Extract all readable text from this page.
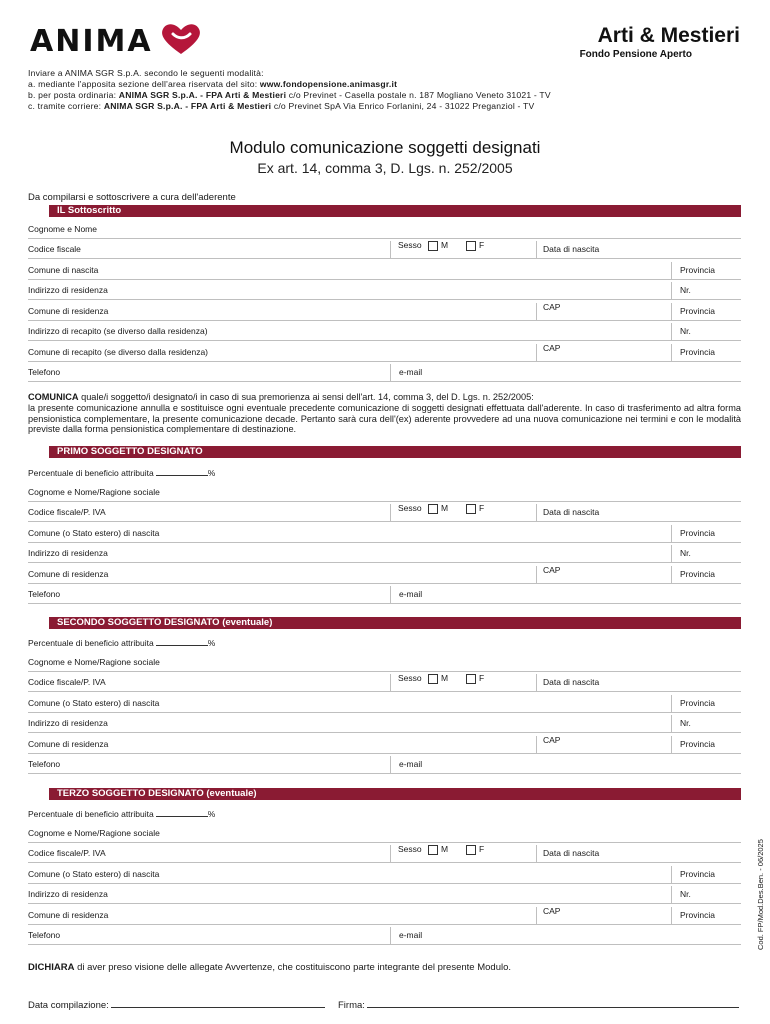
ANIMA	Arti & Mestieri
Fondo Pensione Aperto
Inviare a ANIMA SGR S.p.A. secondo le seguenti modalità:
a. mediante l'apposita sezione dell'area riservata del sito: www.fondopensione.animasgr.it
b. per posta ordinaria: ANIMA SGR S.p.A. - FPA Arti & Mestieri c/o Previnet - Casella postale n. 187 Mogliano Veneto 31021 - TV
c. tramite corriere: ANIMA SGR S.p.A. - FPA Arti & Mestieri c/o Previnet SpA Via Enrico Forlanini, 24 - 31022 Preganziol - TV
Modulo comunicazione soggetti designati
Ex art. 14, comma 3, D. Lgs. n. 252/2005
Da compilarsi e sottoscrivere a cura dell'aderente
IL Sottoscritto
Cognome e Nome
Codice fiscale	Sesso M	F	Data di nascita
Comune di nascita	Provincia
Indirizzo di residenza	Nr.
Comune di residenza	CAP	Provincia
Indirizzo di recapito (se diverso dalla residenza)	Nr.
Comune di recapito (se diverso dalla residenza)	CAP	Provincia
Telefono	e-mail
COMUNICA quale/i soggetto/i designato/i in caso di sua premorienza ai sensi dell'art. 14, comma 3, del D. Lgs. n. 252/2005:
la presente comunicazione annulla e sostituisce ogni eventuale precedente comunicazione di soggetti designati effettuata dall'aderente. In caso di trasferimento ad altra forma pensionistica complementare, la presente comunicazione decade. Pertanto sarà cura dell'(ex) aderente provvedere ad una nuova comunicazione nei termini e con le modalità previste dalla forma pensionistica complementare di destinazione.
PRIMO SOGGETTO DESIGNATO
Percentuale di beneficio attribuita	%
Cognome e Nome/Ragione sociale
Codice fiscale/P. IVA	Sesso M	F	Data di nascita
Comune (o Stato estero) di nascita	Provincia
Indirizzo di residenza	Nr.
Comune di residenza	CAP	Provincia
Telefono	e-mail
SECONDO SOGGETTO DESIGNATO (eventuale)
Percentuale di beneficio attribuita	%
Cognome e Nome/Ragione sociale
Codice fiscale/P. IVA	Sesso M	F	Data di nascita
Comune (o Stato estero) di nascita	Provincia
Indirizzo di residenza	Nr.
Comune di residenza	CAP	Provincia
Telefono	e-mail
TERZO SOGGETTO DESIGNATO (eventuale)
Percentuale di beneficio attribuita	%
Cognome e Nome/Ragione sociale
Codice fiscale/P. IVA	Sesso M	F	Data di nascita
Comune (o Stato estero) di nascita	Provincia
Indirizzo di residenza	Nr.
Comune di residenza	CAP	Provincia
Telefono	e-mail
DICHIARA di aver preso visione delle allegate Avvertenze, che costituiscono parte integrante del presente Modulo.
Data compilazione:	Firma:
Cod. FP/Mod.Des.Ben. - 06/2025
